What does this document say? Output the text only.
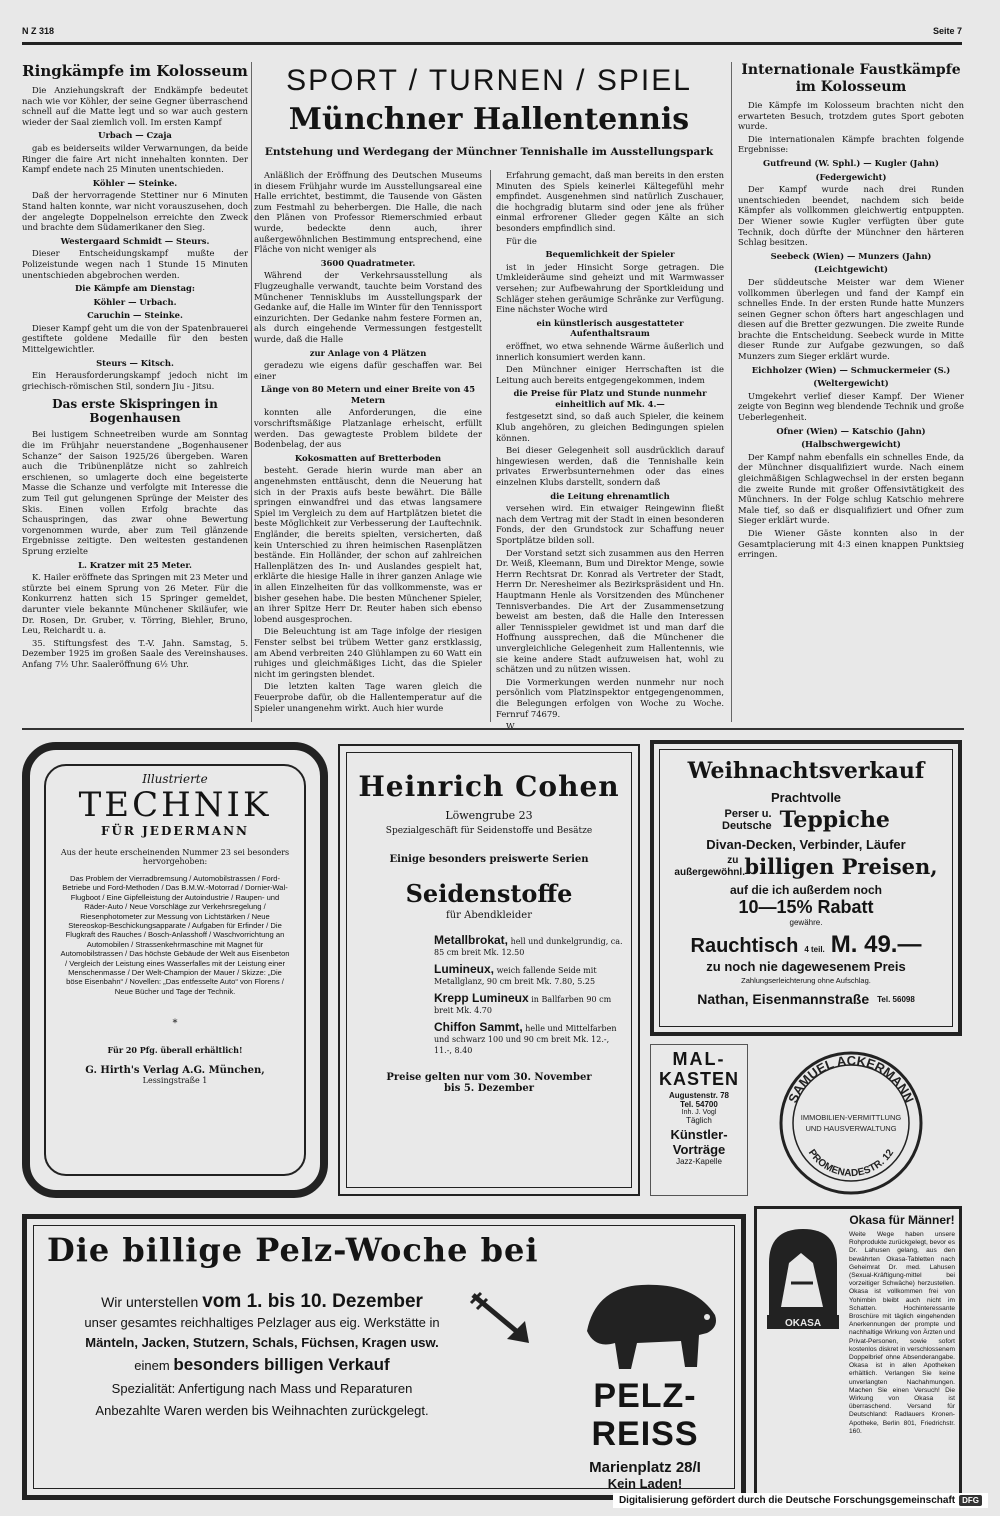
N Z 318	Seite 7
Ringkämpfe im Kolosseum

Die Anziehungskraft der Endkämpfe bedeutet nach wie vor Köhler, der seine Gegner überraschend schnell auf die Matte legt und so war auch gestern wieder der Saal ziemlich voll. Im ersten Kampf

Urbach — Czaja

gab es beiderseits wilder Verwarnungen, da beide Ringer die faire Art nicht innehalten konnten. Der Kampf endete nach 25 Minuten unentschieden.

Köhler — Steinke.

Daß der hervorragende Stettiner nur 6 Minuten Stand halten konnte, war nicht vorauszusehen, doch der angelegte Doppelnelson erreichte den Zweck und brachte dem Südamerikaner den Sieg.

Westergaard Schmidt — Steurs.

Dieser Entscheidungskampf mußte der Polizeistunde wegen nach 1 Stunde 15 Minuten unentschieden abgebrochen werden.

Die Kämpfe am Dienstag:

Köhler — Urbach.

Caruchin — Steinke.

Dieser Kampf geht um die von der Spatenbrauerei gestiftete goldene Medaille für den besten Mittelgewichtler.

Steurs — Kitsch.

Ein Herausforderungskampf jedoch nicht im griechisch-römischen Stil, sondern Jiu - Jitsu.

Das erste Skispringen in Bogenhausen

Bei lustigem Schneetreiben wurde am Sonntag die im Frühjahr neuerstandene „Bogenhausener Schanze“ der Saison 1925/26 übergeben. Waren auch die Tribünenplätze nicht so zahlreich erschienen, so umlagerte doch eine begeisterte Masse die Schanze und verfolgte mit Interesse die zum Teil gut gelungenen Sprünge der Meister des Skis. Einen vollen Erfolg brachte das Schauspringen, das zwar ohne Bewertung vorgenommen wurde, aber zum Teil glänzende Ergebnisse zeitigte. Den weitesten gestandenen Sprung erzielte

L. Kratzer mit 25 Meter.

K. Hailer eröffnete das Springen mit 23 Meter und stürzte bei einem Sprung von 26 Meter. Für die Konkurrenz hatten sich 15 Springer gemeldet, darunter viele bekannte Münchener Skiläufer, wie Dr. Rosen, Dr. Gruber, v. Törring, Biehler, Bruno, Leu, Reichardt u. a.

35. Stiftungsfest des T.-V. Jahn. Samstag, 5. Dezember 1925 im großen Saale des Vereinshauses. Anfang 7½ Uhr. Saaleröffnung 6½ Uhr.

SPORT / TURNEN / SPIEL
Münchner Hallentennis
Entstehung und Werdegang der Münchner Tennishalle im Ausstellungspark

Anläßlich der Eröffnung des Deutschen Museums in diesem Frühjahr wurde im Ausstellungsareal eine Halle errichtet, bestimmt, die Tausende von Gästen zum Festmahl zu beherbergen. Die Halle, die nach den Plänen von Professor Riemerschmied erbaut wurde, bedeckte denn auch, ihrer außergewöhnlichen Bestimmung entsprechend, eine Fläche von nicht weniger als

3600 Quadratmeter.

Während der Verkehrsausstellung als Flugzeughalle verwandt, tauchte beim Vorstand des Münchener Tennisklubs im Ausstellungspark der Gedanke auf, die Halle im Winter für den Tennissport einzurichten. Der Gedanke nahm festere Formen an, als durch eingehende Vermessungen festgestellt wurde, daß die Halle

zur Anlage von 4 Plätzen

geradezu wie eigens dafür geschaffen war. Bei einer

Länge von 80 Metern und einer Breite von 45 Metern

konnten alle Anforderungen, die eine vorschriftsmäßige Platzanlage erheischt, erfüllt werden. Das gewagteste Problem bildete der Bodenbelag, der aus

Kokosmatten auf Bretterboden

besteht. Gerade hierin wurde man aber an angenehmsten enttäuscht, denn die Neuerung hat sich in der Praxis aufs beste bewährt. Die Bälle springen einwandfrei und das etwas langsamere Spiel im Vergleich zu dem auf Hartplätzen bietet die beste Möglichkeit zur Verbesserung der Lauftechnik. Engländer, die bereits spielten, versicherten, daß kein Unterschied zu ihren heimischen Rasenplätzen bestände. Ein Holländer, der schon auf zahlreichen Hallenplätzen des In- und Auslandes gespielt hat, erklärte die hiesige Halle in ihrer ganzen Anlage wie in allen Einzelheiten für das vollkommenste, was er bisher gesehen habe. Die besten Münchener Spieler, an ihrer Spitze Herr Dr. Reuter haben sich ebenso lobend ausgesprochen.

Die Beleuchtung ist am Tage infolge der riesigen Fenster selbst bei trübem Wetter ganz erstklassig, am Abend verbreiten 240 Glühlampen zu 60 Watt ein ruhiges und gleichmäßiges Licht, das die Spieler nicht im geringsten blendet.

Die letzten kalten Tage waren gleich die Feuerprobe dafür, ob die Hallentemperatur auf die Spieler unangenehm wirkt. Auch hier wurde

Erfahrung gemacht, daß man bereits in den ersten Minuten des Spiels keinerlei Kältegefühl mehr empfindet. Ausgenehmen sind natürlich Zuschauer, die hochgradig blutarm sind oder jene als früher einmal erfrorener Glieder gegen Kälte an sich besonders empfindlich sind.

Für die

Bequemlichkeit der Spieler

ist in jeder Hinsicht Sorge getragen. Die Umkleideräume sind geheizt und mit Warmwasser versehen; zur Aufbewahrung der Sportkleidung und Schläger stehen geräumige Schränke zur Verfügung. Eine nächster Woche wird

ein künstlerisch ausgestatteter Aufenthaltsraum

eröffnet, wo etwa sehnende Wärme äußerlich und innerlich konsumiert werden kann.

Den Münchner einiger Herrschaften ist die Leitung auch bereits entgegengekommen, indem

die Preise für Platz und Stunde nunmehr einheitlich auf Mk. 4.—

festgesetzt sind, so daß auch Spieler, die keinem Klub angehören, zu gleichen Bedingungen spielen können.

Bei dieser Gelegenheit soll ausdrücklich darauf hingewiesen werden, daß die Tennishalle kein privates Erwerbsunternehmen oder das eines einzelnen Klubs darstellt, sondern daß

die Leitung ehrenamtlich

versehen wird. Ein etwaiger Reingewinn fließt nach dem Vertrag mit der Stadt in einen besonderen Fonds, der den Grundstock zur Schaffung neuer Sportplätze bilden soll.

Der Vorstand setzt sich zusammen aus den Herren Dr. Weiß, Kleemann, Bum und Direktor Menge, sowie Herrn Rechtsrat Dr. Konrad als Vertreter der Stadt, Herrn Dr. Neresheimer als Bezirkspräsident und Hn. Hauptmann Henle als Vorsitzenden des Münchener Tennisverbandes. Die Art der Zusammensetzung beweist am besten, daß die Halle den Interessen aller Tennisspieler gewidmet ist und man darf die Hoffnung aussprechen, daß die Münchener die unvergleichliche Gelegenheit zum Hallentennis, wie sie keine andere Stadt aufzuweisen hat, wohl zu schätzen und zu nützen wissen.

Die Vormerkungen werden nunmehr nur noch persönlich vom Platzinspektor entgegengenommen, die Belegungen erfolgen von Woche zu Woche. Fernruf 74679.

W.

Internationale Faustkämpfe im Kolosseum

Die Kämpfe im Kolosseum brachten nicht den erwarteten Besuch, trotzdem gutes Sport geboten wurde.

Die internationalen Kämpfe brachten folgende Ergebnisse:

Gutfreund (W. Sphl.) — Kugler (Jahn)

(Federgewicht)

Der Kampf wurde nach drei Runden unentschieden beendet, nachdem sich beide Kämpfer als vollkommen gleichwertig entpuppten. Der Wiener sowie Kugler verfügten über gute Technik, doch dürfte der Münchner den härteren Schlag besitzen.

Seebeck (Wien) — Munzers (Jahn)

(Leichtgewicht)

Der süddeutsche Meister war dem Wiener vollkommen überlegen und fand der Kampf ein schnelles Ende. In der ersten Runde hatte Munzers seinen Gegner schon öfters hart angeschlagen und diesen auf die Bretter gezwungen. Die zweite Runde brachte die Entscheidung. Seebeck wurde in Mitte dieser Runde zur Aufgabe gezwungen, so daß Munzers zum Sieger erklärt wurde.

Eichholzer (Wien) — Schmuckermeier (S.)

(Weltergewicht)

Umgekehrt verlief dieser Kampf. Der Wiener zeigte von Beginn weg blendende Technik und große Ueberlegenheit.

Ofner (Wien) — Katschio (Jahn)

(Halbschwergewicht)

Der Kampf nahm ebenfalls ein schnelles Ende, da der Münchner disqualifiziert wurde. Nach einem gleichmäßigen Schlagwechsel in der ersten begann die zweite Runde mit großer Offensivtätigkeit des Münchners. In der Folge schlug Katschio mehrere Male tief, so daß er disqualifiziert und Ofner zum Sieger erklärt wurde.

Die Wiener Gäste konnten also in der Gesamtplacierung mit 4:3 einen knappen Punktsieg erringen.

Illustrierte
TECHNIK
FÜR JEDERMANN
Aus der heute erscheinenden Nummer 23 sei besonders hervorgehoben:
Das Problem der Vierradbremsung / Automobilstrassen / Ford-Betriebe und Ford-Methoden / Das B.M.W.-Motorrad / Dornier-Wal-Flugboot / Eine Gipfelleistung der Autoindustrie / Raupen- und Räder-Auto / Neue Vorschläge zur Verkehrsregelung / Riesenphotometer zur Messung von Lichtstärken / Neue Stereoskop-Beschickungsapparate / Aufgaben für Erfinder / Die Flugkraft des Rauches / Bosch-Anlasshoff / Waschvorrichtung an Automobilen / Strassenkehrmaschine mit Magnet für Automobilstrassen / Das höchste Gebäude der Welt aus Eisenbeton / Vergleich der Leistung eines Wasserfalles mit der Leistung einer Menschenmasse / Der Welt-Champion der Mauer / Skizze: „Die böse Eisenbahn“ / Novellen: „Das entfesselte Auto“ von Florens / Neue Bücher und Tage der Technik.
*
Für 20 Pfg. überall erhältlich!
G. Hirth's Verlag A.G. München,
Lessingstraße 1
Heinrich Cohen
Löwengrube 23
Spezialgeschäft für Seidenstoffe und Besätze
Einige besonders preiswerte Serien
Seidenstoffe
für Abendkleider
Metallbrokat, hell und dunkelgrundig, ca. 85 cm breit Mk. 12.50
Lumineux, weich fallende Seide mit Metallglanz, 90 cm breit Mk. 7.80, 5.25
Krepp Lumineux in Ballfarben 90 cm breit Mk. 4.70
Chiffon Sammt, helle und Mittelfarben und schwarz 100 und 90 cm breit Mk. 12.-, 11.-, 8.40
Preise gelten nur vom 30. November bis 5. Dezember
Weihnachtsverkauf
Prachtvolle
Perser u.
Deutsche Teppiche
Divan-Decken, Verbinder, Läufer
zu außergewöhnl. billigen Preisen,
auf die ich außerdem noch
10—15% Rabatt
gewähre.
Rauchtisch 4 teil. M. 49.—
zu noch nie dagewesenem Preis
Zahlungserleichterung ohne Aufschlag.
Nathan, Eisenmannstraße Tel. 56098
MAL-
KASTEN
Augustenstr. 78
Tel. 54700
Inh. J. Vogl
Täglich
Künstler-Vorträge
Jazz-Kapelle
SAMUEL ACKERMANN
PROMENADESTR. 12
IMMOBILIEN-VERMITTLUNG
UND HAUSVERWALTUNG
Die billige Pelz-Woche bei
Wir unterstellen vom 1. bis 10. Dezember
unser gesamtes reichhaltiges Pelzlager aus eig. Werkstätte in
Mänteln, Jacken, Stutzern, Schals, Füchsen, Kragen usw.
einem besonders billigen Verkauf
Spezialität: Anfertigung nach Mass und Reparaturen
Anbezahlte Waren werden bis Weihnachten zurückgelegt.	PELZ-REISS
Marienplatz 28/I
Kein Laden!
OKASA
Okasa für Männer!
Weite Wege haben unsere Rohprodukte zurückgelegt, bevor es Dr. Lahusen gelang, aus den bewährten Okasa-Tabletten nach Geheimrat Dr. med. Lahusen (Sexual-Kräftigung-mittel bei vorzeitiger Schwäche) herzustellen. Okasa ist vollkommen frei von Yohimbin bleibt auch nicht im Schatten. Hochinteressante Broschüre mit täglich eingehenden Anerkennungen der prompte und nachhaltige Wirkung von Ärzten und Privat-Personen, sowie sofort kostenlos diskret in verschlossenem Doppelbrief ohne Absenderangabe. Okasa ist in allen Apotheken erhältlich. Verlangen Sie keine unverlangten Nachahmungen. Machen Sie einen Versuch! Die Wirkung von Okasa ist überraschend. Versand für Deutschland: Radlauers Kronen-Apotheke, Berlin 801, Friedrichstr. 160.
Digitalisierung gefördert durch die Deutsche Forschungsgemeinschaft DFG
